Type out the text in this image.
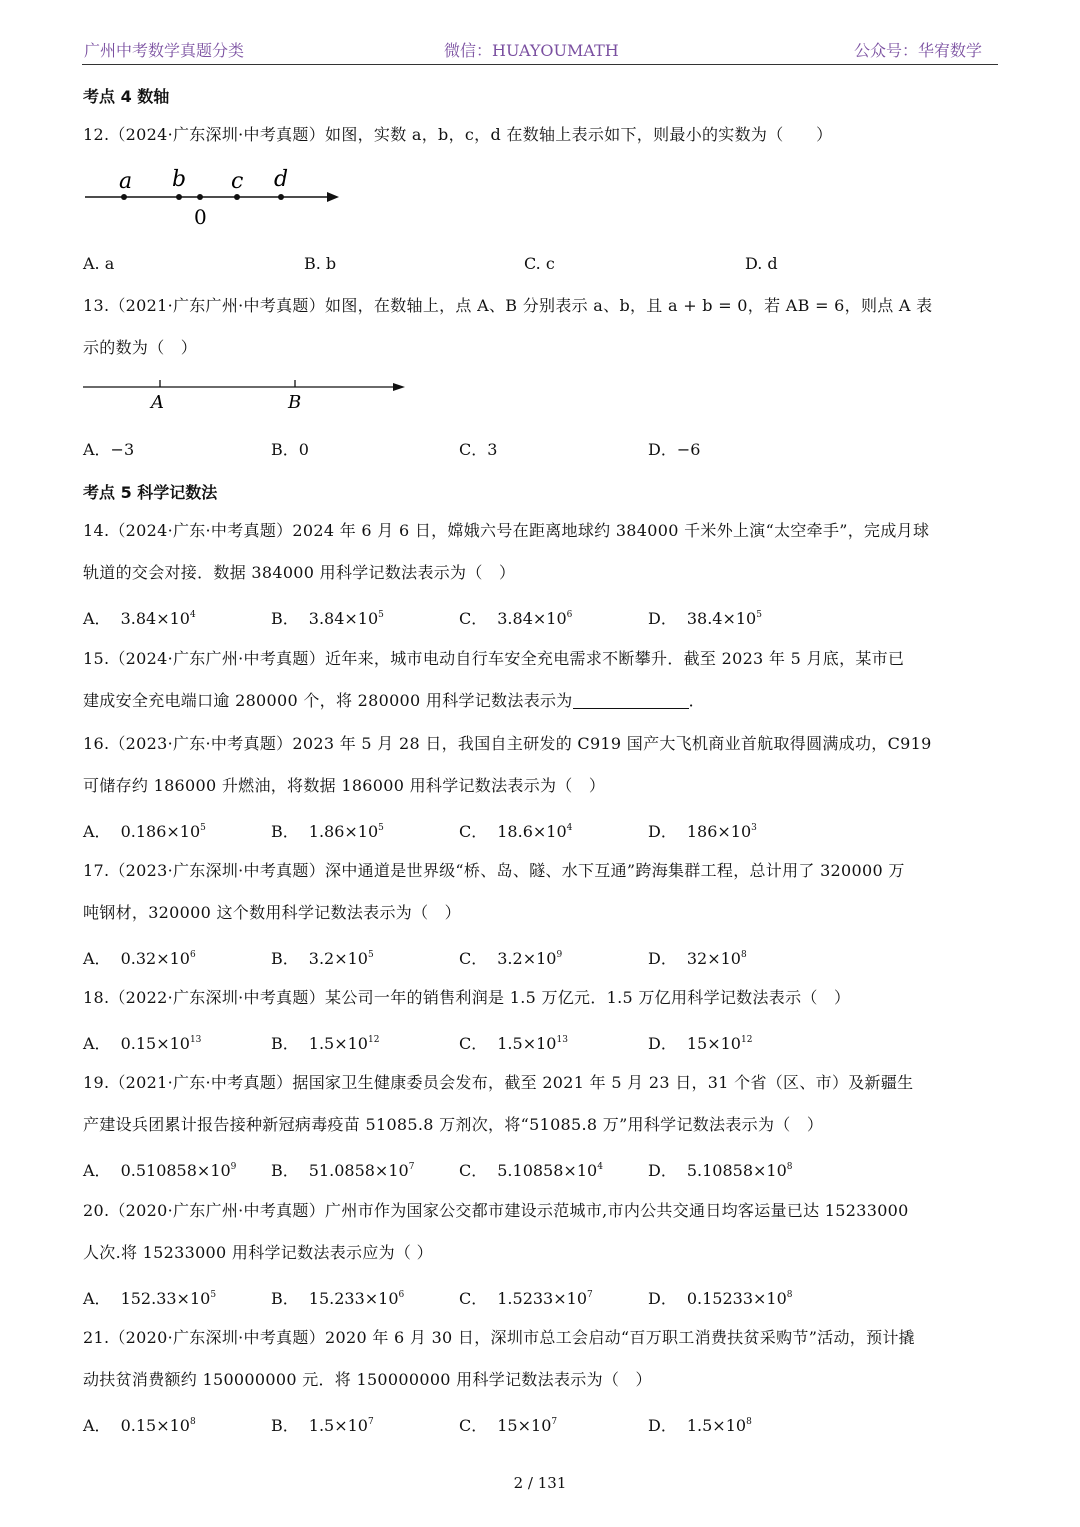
广州中考数学真题分类	微信：HUAYOUMATH	公众号：华宥数学
考点 4 数轴
12.（2024·广东深圳·中考真题）如图，实数 a，b，c，d 在数轴上表示如下，则最小的实数为（　　）
a b c d
0
A. a	B. b	C. c	D. d
13.（2021·广东广州·中考真题）如图，在数轴上，点 A、B 分别表示 a、b，且 a + b = 0，若 AB = 6，则点 A 表
示的数为（　）
A	B
A．−3	B．0	C．3	D．−6
考点 5 科学记数法
14.（2024·广东·中考真题）2024 年 6 月 6 日，嫦娥六号在距离地球约 384000 千米外上演“太空牵手”，完成月球
轨道的交会对接．数据 384000 用科学记数法表示为（　）
A． $3.84\times 10^4$	B． $3.84\times 10^5$	C． $3.84\times 10^6$	D． $38.4\times 10^5$
15.（2024·广东广州·中考真题）近年来，城市电动自行车安全充电需求不断攀升．截至 2023 年 5 月底，某市已
建成安全充电端口逾 280000 个，将 280000 用科学记数法表示为	．
16.（2023·广东·中考真题）2023 年 5 月 28 日，我国自主研发的 C919 国产大飞机商业首航取得圆满成功，C919
可储存约 186000 升燃油，将数据 186000 用科学记数法表示为（　）
A． $0.186\times 10^5$	B． $1.86\times 10^5$	C． $18.6\times 10^4$	D． $186\times 10^3$
17.（2023·广东深圳·中考真题）深中通道是世界级“桥、岛、隧、水下互通”跨海集群工程，总计用了 320000 万
吨钢材，320000 这个数用科学记数法表示为（　）
A． $0.32\times 10^6$	B． $3.2\times 10^5$	C． $3.2\times 10^9$	D． $32\times 10^8$
18.（2022·广东深圳·中考真题）某公司一年的销售利润是 1.5 万亿元．1.5 万亿用科学记数法表示（　）
A． $0.15\times 10^{13}$	B． $1.5\times 10^{12}$	C． $1.5\times 10^{13}$	D． $15\times 10^{12}$
19.（2021·广东·中考真题）据国家卫生健康委员会发布，截至 2021 年 5 月 23 日，31 个省（区、市）及新疆生
产建设兵团累计报告接种新冠病毒疫苗 51085.8 万剂次，将“51085.8 万”用科学记数法表示为（　）
A． $0.510858\times 10^9$ B． $51.0858\times 10^7$	C． $5.10858\times 10^4$	D． $5.10858\times 10^8$
20.（2020·广东广州·中考真题）广州市作为国家公交都市建设示范城市,市内公共交通日均客运量已达 15233000
人次.将 15233000 用科学记数法表示应为（ ）
A． $152.33\times 10^5$	B． $15.233\times 10^6$	C． $1.5233\times 10^7$	D． $0.15233\times 10^8$
21.（2020·广东深圳·中考真题）2020 年 6 月 30 日，深圳市总工会启动“百万职工消费扶贫采购节”活动，预计撬
动扶贫消费额约 150000000 元．将 150000000 用科学记数法表示为（　）
A． $0.15\times 10^8$	B． $1.5\times 10^7$	C． $15\times 10^7$	D． $1.5\times 10^8$
2 / 131
